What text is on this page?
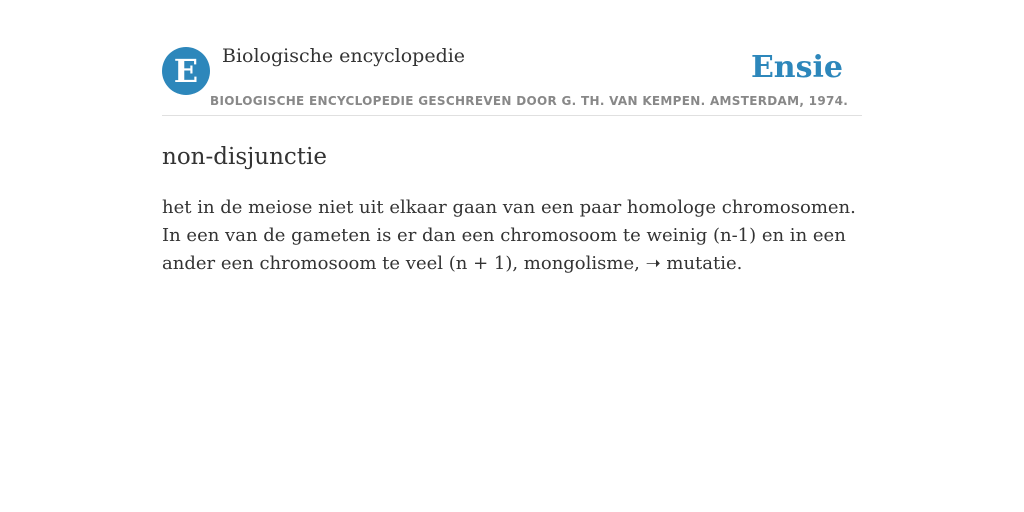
E	Biologische encyclopedie	Ensie
BIOLOGISCHE ENCYCLOPEDIE GESCHREVEN DOOR G. TH. VAN KEMPEN. AMSTERDAM, 1974.
non-disjunctie

het in de meiose niet uit elkaar gaan van een paar homologe chromosomen. In een van de gameten is er dan een chromosoom te weinig (n-1) en in een ander een chromosoom te veel (n + 1), mongolisme, ➝ mutatie.
